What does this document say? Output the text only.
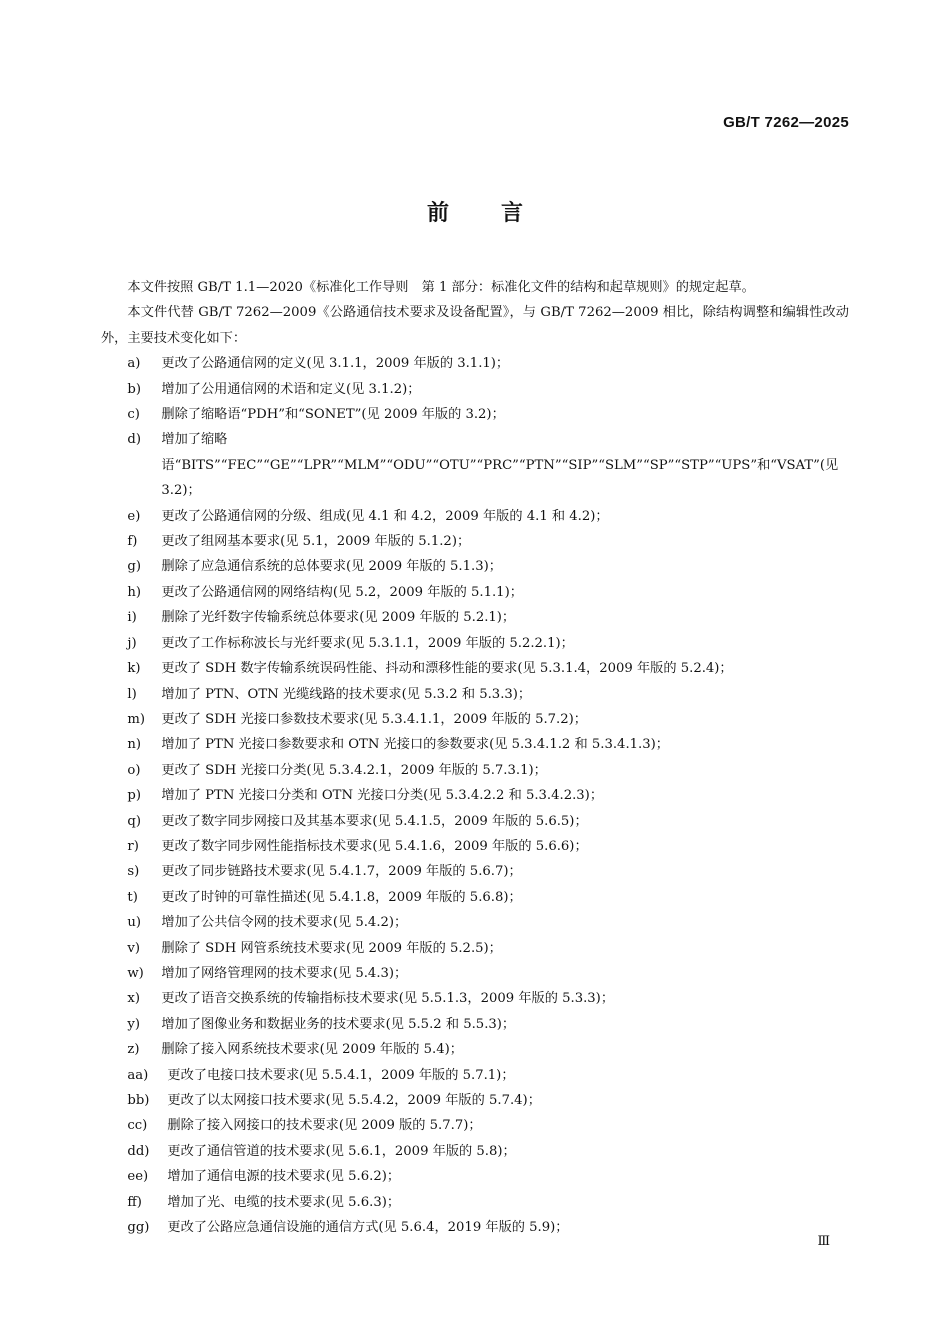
GB/T 7262—2025
前言

本文件按照 GB/T 1.1—2020《标准化工作导则　第 1 部分：标准化文件的结构和起草规则》的规定起草。

本文件代替 GB/T 7262—2009《公路通信技术要求及设备配置》，与 GB/T 7262—2009 相比，除结构调整和编辑性改动外，主要技术变化如下：

a)	更改了公路通信网的定义(见 3.1.1，2009 年版的 3.1.1)；
b)	增加了公用通信网的术语和定义(见 3.1.2)；
c)	删除了缩略语“PDH”和“SONET”(见 2009 年版的 3.2)；
d)	增加了缩略语“BITS”“FEC”“GE”“LPR”“MLM”“ODU”“OTU”“PRC”“PTN”“SIP”“SLM”“SP”“STP”“UPS”和“VSAT”(见 3.2)；
e)	更改了公路通信网的分级、组成(见 4.1 和 4.2，2009 年版的 4.1 和 4.2)；
f)	更改了组网基本要求(见 5.1，2009 年版的 5.1.2)；
g)	删除了应急通信系统的总体要求(见 2009 年版的 5.1.3)；
h)	更改了公路通信网的网络结构(见 5.2，2009 年版的 5.1.1)；
i)	删除了光纤数字传输系统总体要求(见 2009 年版的 5.2.1)；
j)	更改了工作标称波长与光纤要求(见 5.3.1.1，2009 年版的 5.2.2.1)；
k)	更改了 SDH 数字传输系统误码性能、抖动和漂移性能的要求(见 5.3.1.4，2009 年版的 5.2.4)；
l)	增加了 PTN、OTN 光缆线路的技术要求(见 5.3.2 和 5.3.3)；
m)	更改了 SDH 光接口参数技术要求(见 5.3.4.1.1，2009 年版的 5.7.2)；
n)	增加了 PTN 光接口参数要求和 OTN 光接口的参数要求(见 5.3.4.1.2 和 5.3.4.1.3)；
o)	更改了 SDH 光接口分类(见 5.3.4.2.1，2009 年版的 5.7.3.1)；
p)	增加了 PTN 光接口分类和 OTN 光接口分类(见 5.3.4.2.2 和 5.3.4.2.3)；
q)	更改了数字同步网接口及其基本要求(见 5.4.1.5，2009 年版的 5.6.5)；
r)	更改了数字同步网性能指标技术要求(见 5.4.1.6，2009 年版的 5.6.6)；
s)	更改了同步链路技术要求(见 5.4.1.7，2009 年版的 5.6.7)；
t)	更改了时钟的可靠性描述(见 5.4.1.8，2009 年版的 5.6.8)；
u)	增加了公共信令网的技术要求(见 5.4.2)；
v)	删除了 SDH 网管系统技术要求(见 2009 年版的 5.2.5)；
w)	增加了网络管理网的技术要求(见 5.4.3)；
x)	更改了语音交换系统的传输指标技术要求(见 5.5.1.3，2009 年版的 5.3.3)；
y)	增加了图像业务和数据业务的技术要求(见 5.5.2 和 5.5.3)；
z)	删除了接入网系统技术要求(见 2009 年版的 5.4)；
aa)	更改了电接口技术要求(见 5.5.4.1，2009 年版的 5.7.1)；
bb)	更改了以太网接口技术要求(见 5.5.4.2，2009 年版的 5.7.4)；
cc)	删除了接入网接口的技术要求(见 2009 版的 5.7.7)；
dd)	更改了通信管道的技术要求(见 5.6.1，2009 年版的 5.8)；
ee)	增加了通信电源的技术要求(见 5.6.2)；
ff)	增加了光、电缆的技术要求(见 5.6.3)；
gg)	更改了公路应急通信设施的通信方式(见 5.6.4，2019 年版的 5.9)；
Ⅲ
